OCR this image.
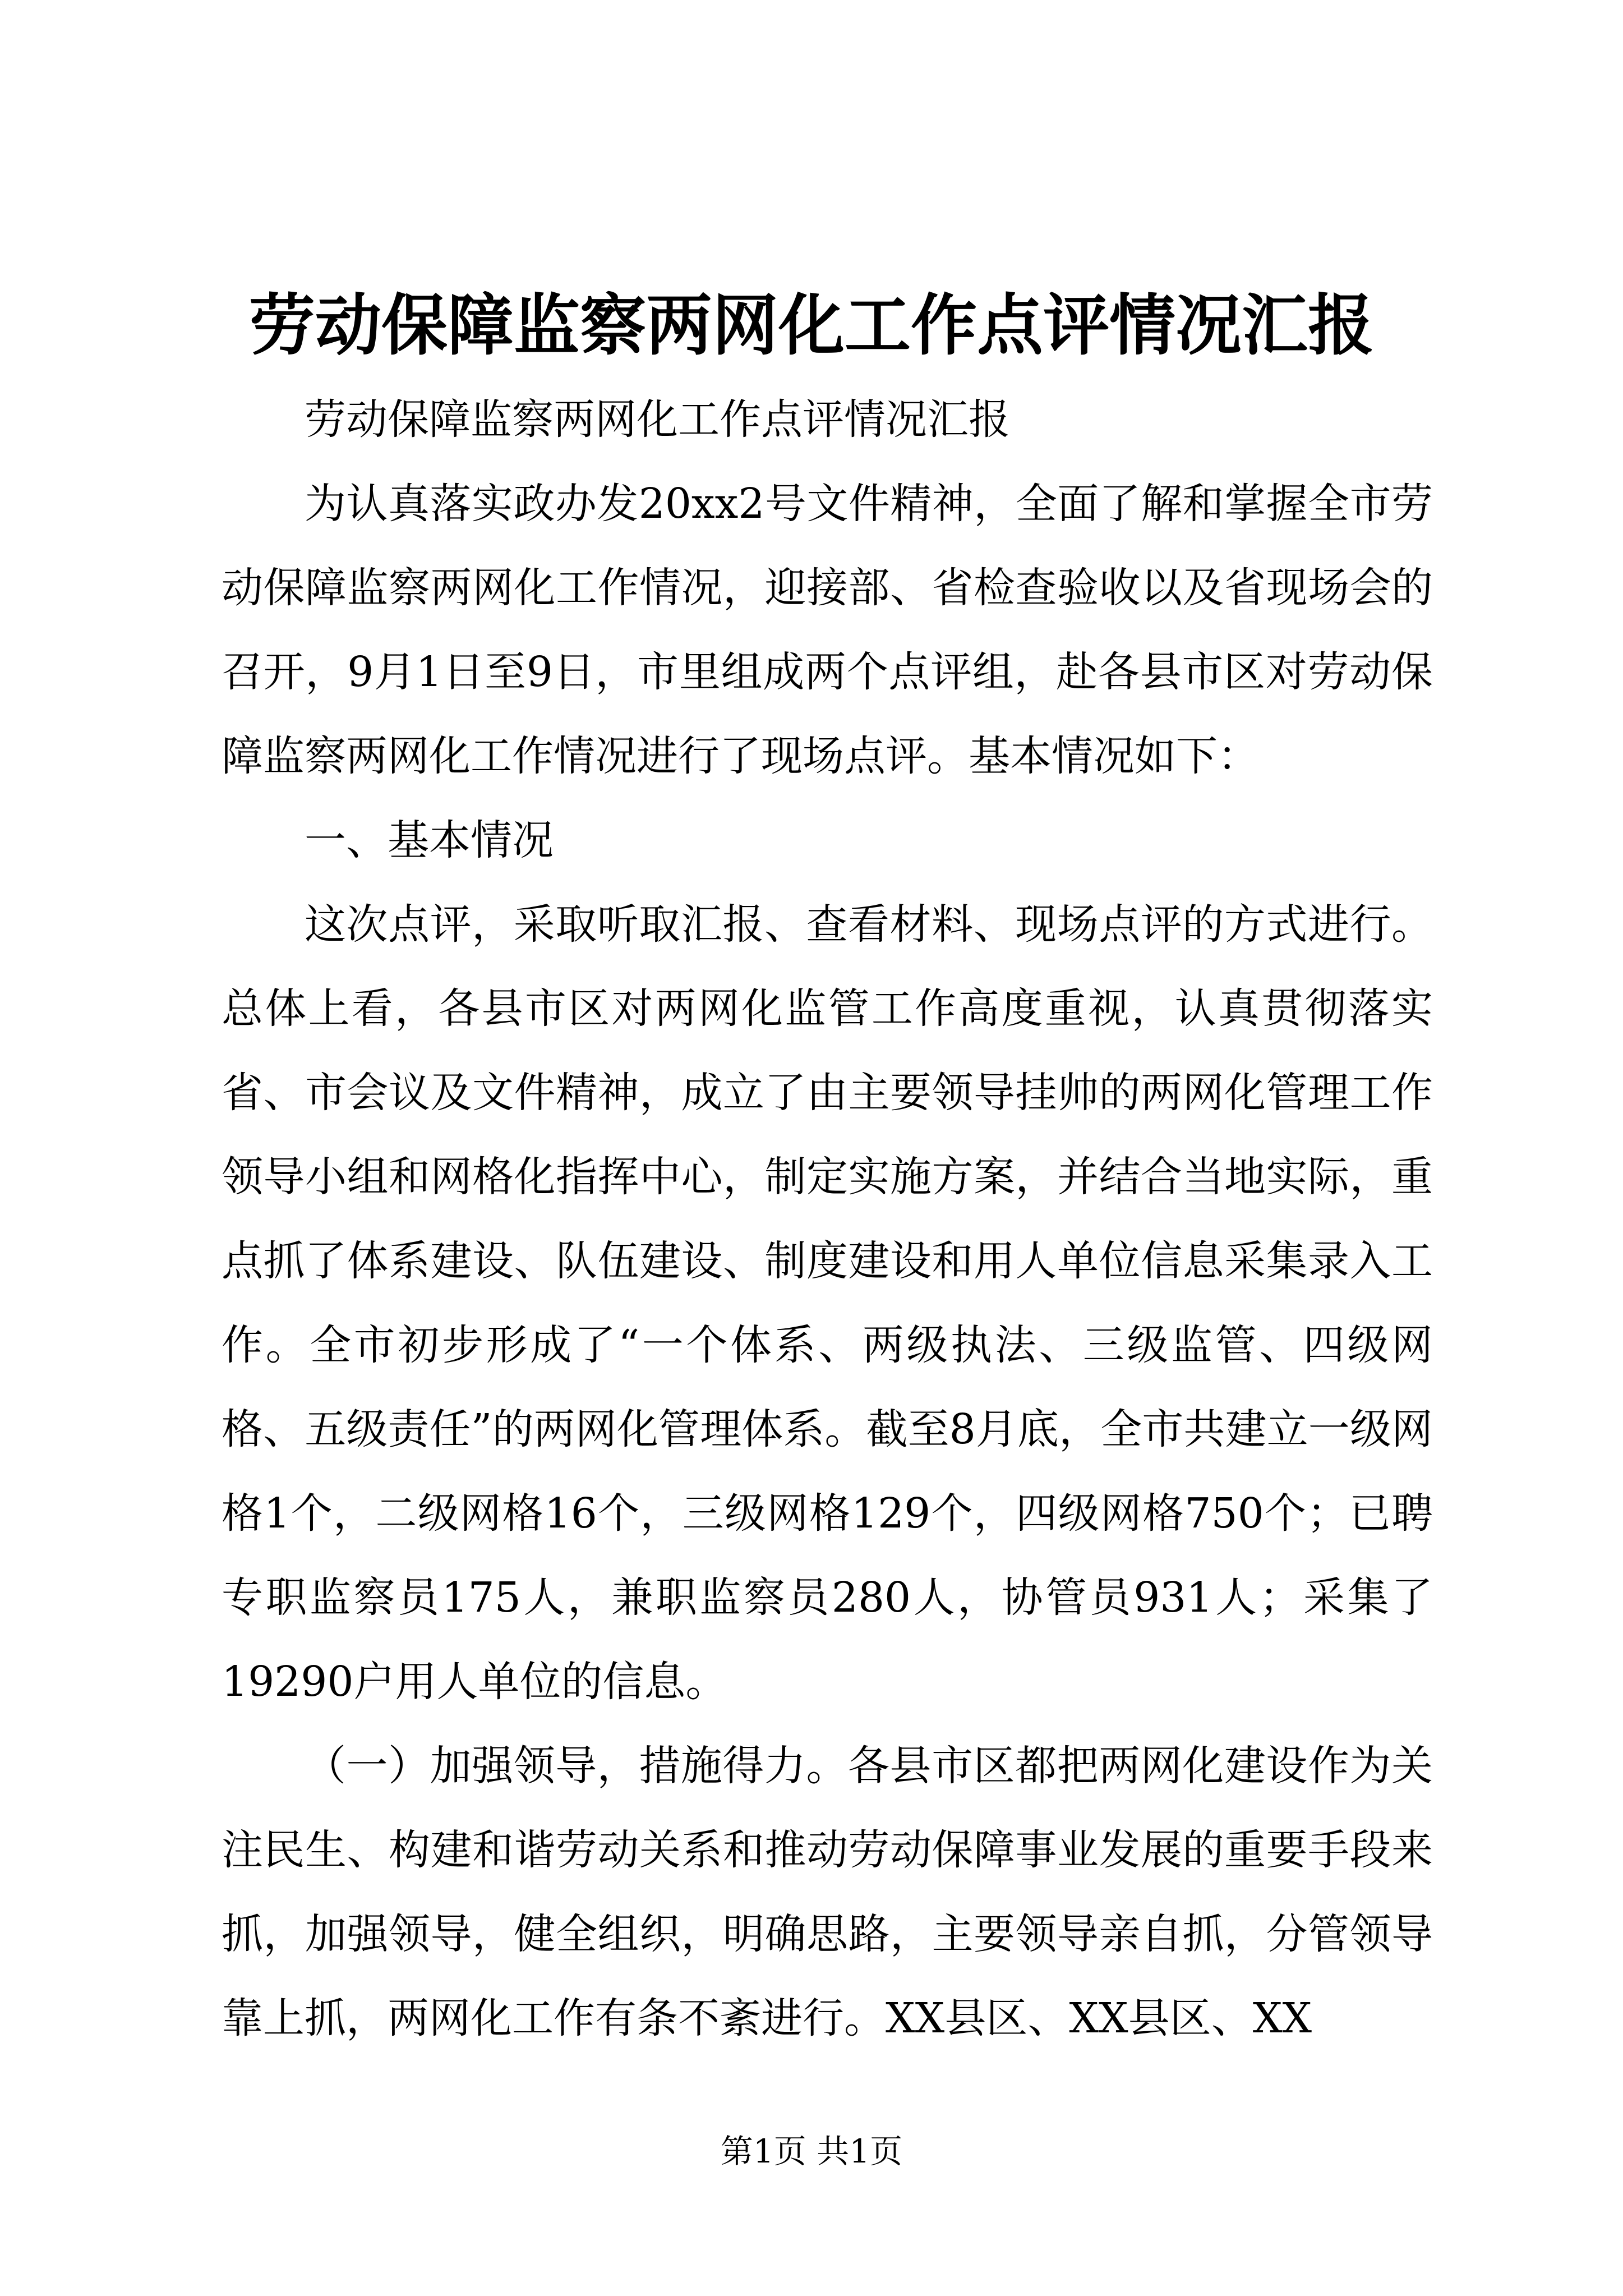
劳动保障监察两网化工作点评情况汇报

劳动保障监察两网化工作点评情况汇报

为认真落实政办发20xx2号文件精神，全面了解和掌握全市劳动保障监察两网化工作情况，迎接部、省检查验收以及省现场会的召开，9月1日至9日，市里组成两个点评组，赴各县市区对劳动保障监察两网化工作情况进行了现场点评。基本情况如下：

一、基本情况

这次点评，采取听取汇报、查看材料、现场点评的方式进行。总体上看，各县市区对两网化监管工作高度重视，认真贯彻落实省、市会议及文件精神，成立了由主要领导挂帅的两网化管理工作领导小组和网格化指挥中心，制定实施方案，并结合当地实际，重点抓了体系建设、队伍建设、制度建设和用人单位信息采集录入工作。全市初步形成了“一个体系、两级执法、三级监管、四级网格、五级责任”的两网化管理体系。截至8月底，全市共建立一级网格1个，二级网格16个，三级网格129个，四级网格750个；已聘专职监察员175人，兼职监察员280人，协管员931人；采集了19290户用人单位的信息。

（一）加强领导，措施得力。各县市区都把两网化建设作为关注民生、构建和谐劳动关系和推动劳动保障事业发展的重要手段来抓，加强领导，健全组织，明确思路，主要领导亲自抓，分管领导靠上抓，两网化工作有条不紊进行。XX县区、XX县区、XX

第1页 共1页
